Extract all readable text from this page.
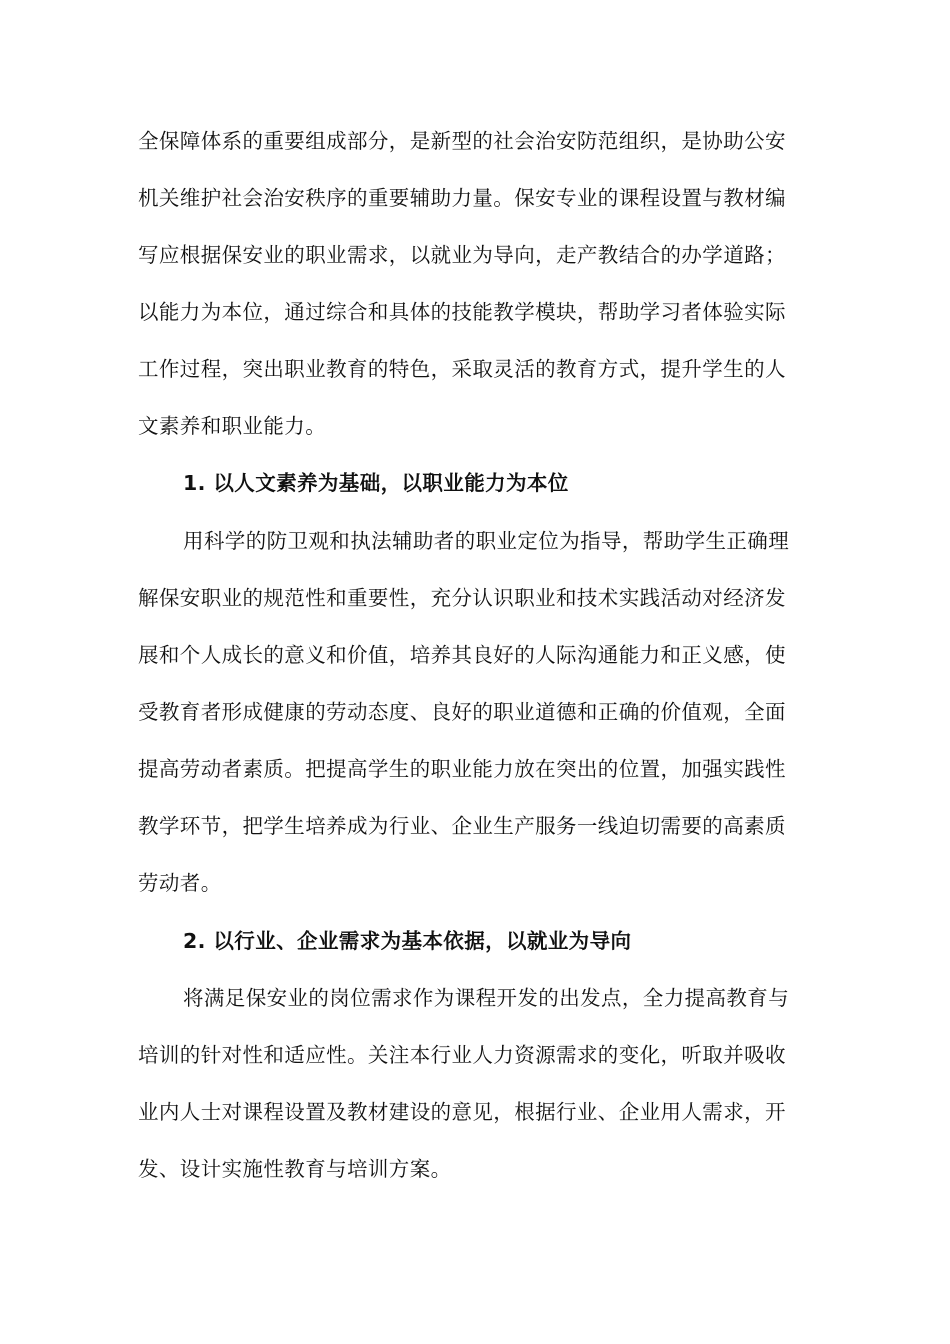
全保障体系的重要组成部分，是新型的社会治安防范组织，是协助公安
机关维护社会治安秩序的重要辅助力量。保安专业的课程设置与教材编
写应根据保安业的职业需求，以就业为导向，走产教结合的办学道路；
以能力为本位，通过综合和具体的技能教学模块，帮助学习者体验实际
工作过程，突出职业教育的特色，采取灵活的教育方式，提升学生的人
文素养和职业能力。
1. 以人文素养为基础，以职业能力为本位
用科学的防卫观和执法辅助者的职业定位为指导，帮助学生正确理
解保安职业的规范性和重要性，充分认识职业和技术实践活动对经济发
展和个人成长的意义和价值，培养其良好的人际沟通能力和正义感，使
受教育者形成健康的劳动态度、良好的职业道德和正确的价值观，全面
提高劳动者素质。把提高学生的职业能力放在突出的位置，加强实践性
教学环节，把学生培养成为行业、企业生产服务一线迫切需要的高素质
劳动者。
2. 以行业、企业需求为基本依据，以就业为导向
将满足保安业的岗位需求作为课程开发的出发点，全力提高教育与
培训的针对性和适应性。关注本行业人力资源需求的变化，听取并吸收
业内人士对课程设置及教材建设的意见，根据行业、企业用人需求，开
发、设计实施性教育与培训方案。
